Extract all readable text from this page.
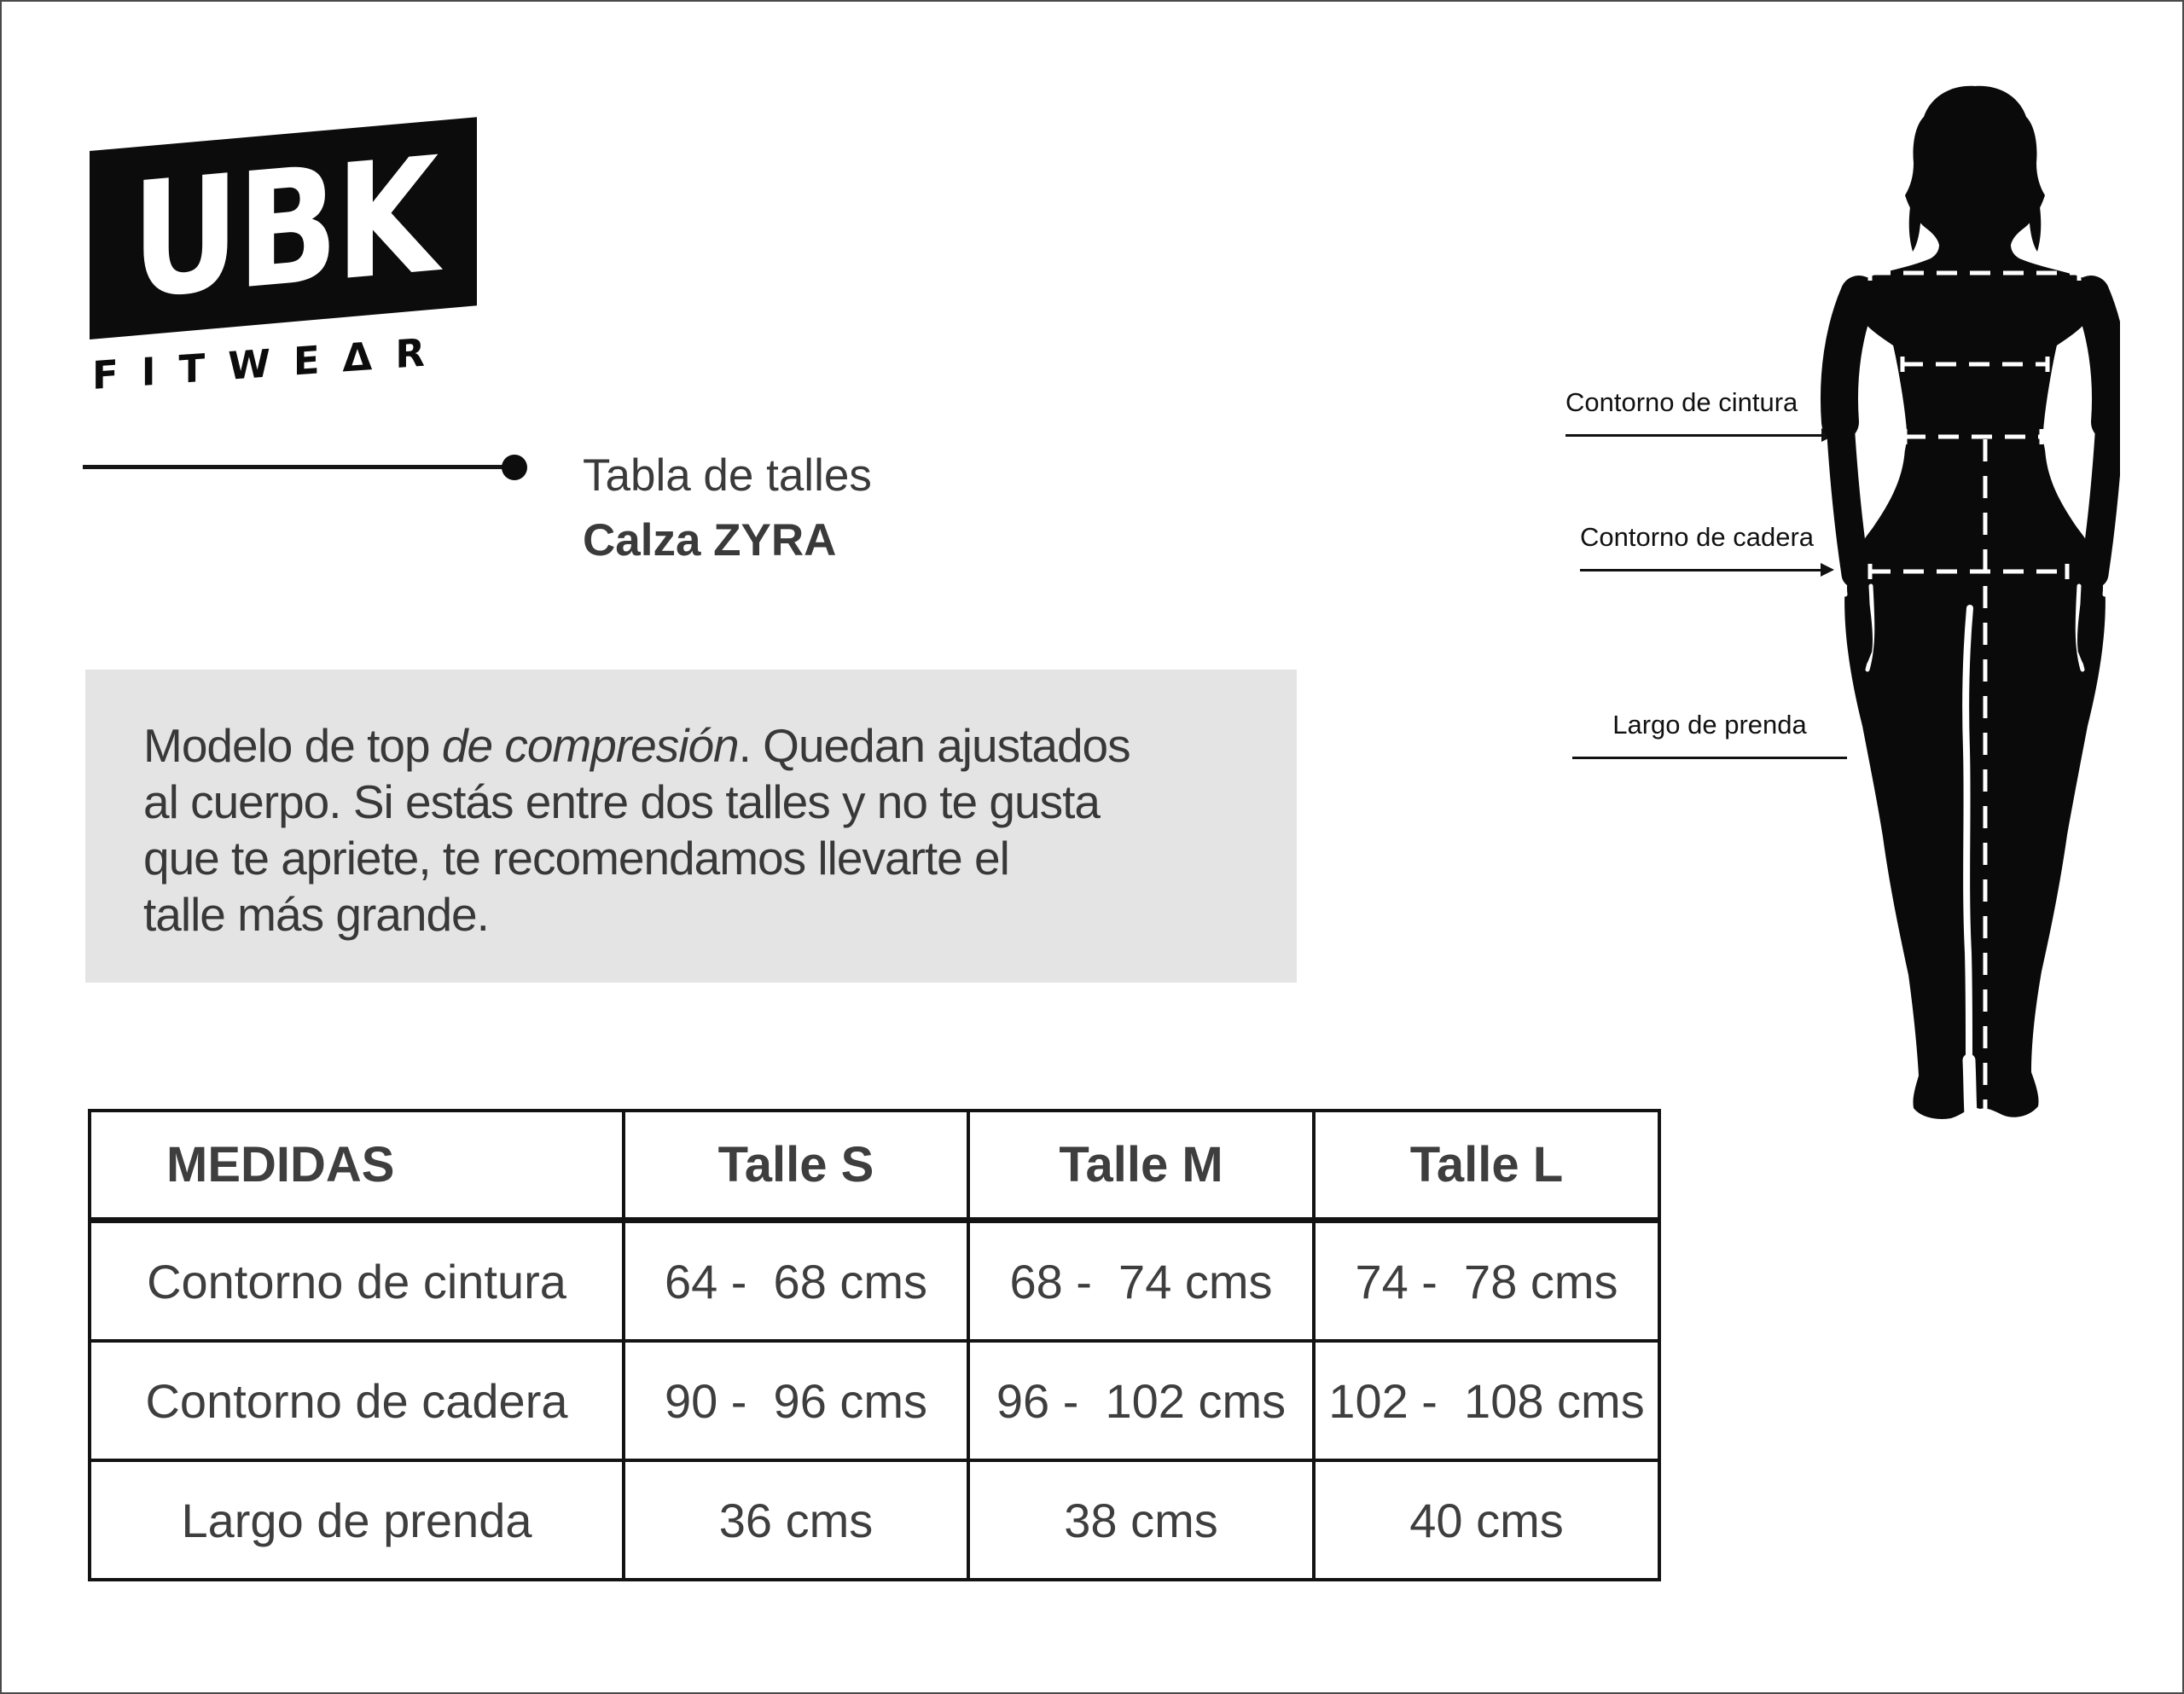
UBK
FITWEΔR
Tabla de talles
Calza ZYRA
Modelo de top de compresión. Quedan ajustados
al cuerpo. Si estás entre dos talles y no te gusta
que te apriete, te recomendamos llevarte el
talle más grande.
Contorno de cintura
Contorno de cadera
Largo de prenda
MEDIDAS	Talle S	Talle M	Talle L
Contorno de cintura	64 -  68 cms	68 -  74 cms	74 -  78 cms
Contorno de cadera	90 -  96 cms	96 -  102 cms	102 -  108 cms
Largo de prenda	36 cms	38 cms	40 cms
